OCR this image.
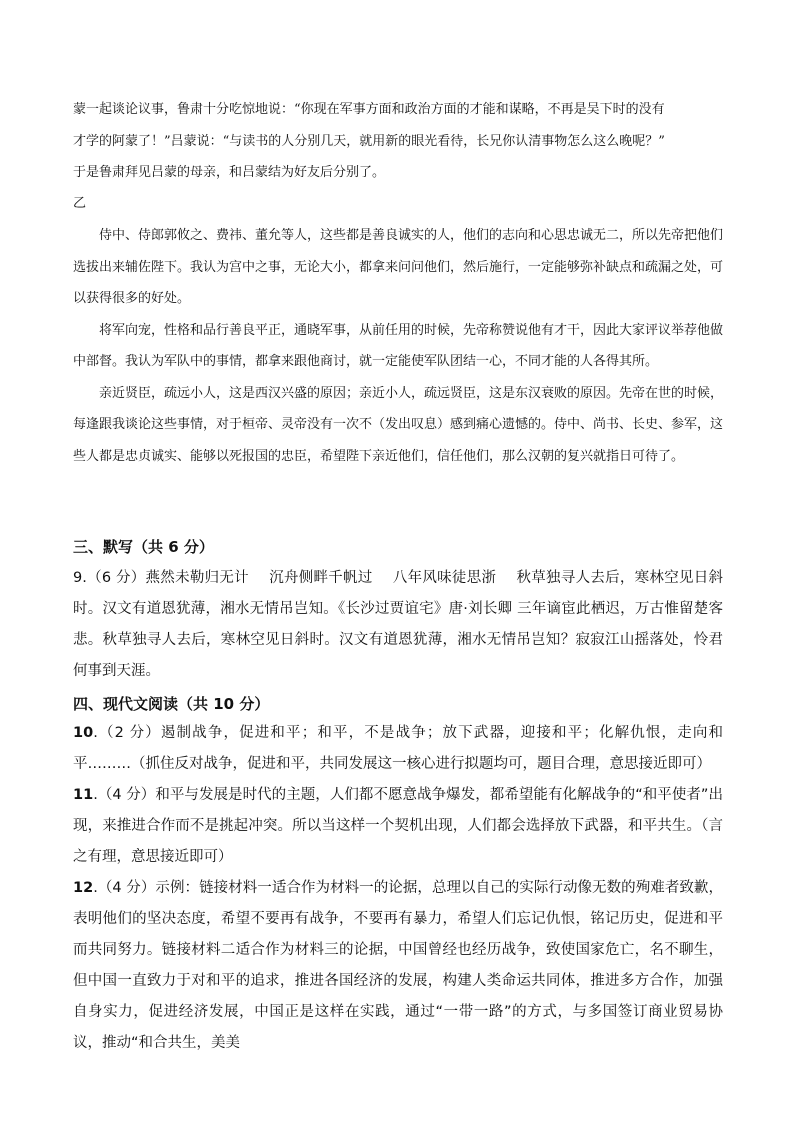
蒙一起谈论议事，鲁肃十分吃惊地说：“你现在军事方面和政治方面的才能和谋略，不再是吴下时的没有

才学的阿蒙了！”吕蒙说：“与读书的人分别几天，就用新的眼光看待，长兄你认清事物怎么这么晚呢？”

于是鲁肃拜见吕蒙的母亲，和吕蒙结为好友后分别了。

乙

侍中、侍郎郭攸之、费祎、董允等人，这些都是善良诚实的人，他们的志向和心思忠诚无二，所以先帝把他们选拔出来辅佐陛下。我认为宫中之事，无论大小，都拿来问问他们，然后施行，一定能够弥补缺点和疏漏之处，可以获得很多的好处。

将军向宠，性格和品行善良平正，通晓军事，从前任用的时候，先帝称赞说他有才干，因此大家评议举荐他做中部督。我认为军队中的事情，都拿来跟他商讨，就一定能使军队团结一心，不同才能的人各得其所。

亲近贤臣，疏远小人，这是西汉兴盛的原因；亲近小人，疏远贤臣，这是东汉衰败的原因。先帝在世的时候，每逢跟我谈论这些事情，对于桓帝、灵帝没有一次不（发出叹息）感到痛心遗憾的。侍中、尚书、长史、参军，这些人都是忠贞诚实、能够以死报国的忠臣，希望陛下亲近他们，信任他们，那么汉朝的复兴就指日可待了。

三、默写（共 6 分）

9.（6 分）燕然未勒归无计 沉舟侧畔千帆过 八年风味徒思浙 秋草独寻人去后，寒林空见日斜时。汉文有道恩犹薄，湘水无情吊岂知。《长沙过贾谊宅》唐·刘长卿 三年谪宦此栖迟，万古惟留楚客悲。秋草独寻人去后，寒林空见日斜时。汉文有道恩犹薄，湘水无情吊岂知？寂寂江山摇落处，怜君何事到天涯。

四、现代文阅读（共 10 分）

10.（2 分）遏制战争，促进和平；和平，不是战争；放下武器，迎接和平；化解仇恨，走向和平………（抓住反对战争，促进和平，共同发展这一核心进行拟题均可，题目合理，意思接近即可）

11.（4 分）和平与发展是时代的主题，人们都不愿意战争爆发，都希望能有化解战争的“和平使者”出现，来推进合作而不是挑起冲突。所以当这样一个契机出现，人们都会选择放下武器，和平共生。（言之有理，意思接近即可）

12.（4 分）示例：链接材料一适合作为材料一的论据，总理以自己的实际行动像无数的殉难者致歉，表明他们的坚决态度，希望不要再有战争，不要再有暴力，希望人们忘记仇恨，铭记历史，促进和平而共同努力。链接材料二适合作为材料三的论据，中国曾经也经历战争，致使国家危亡，名不聊生，但中国一直致力于对和平的追求，推进各国经济的发展，构建人类命运共同体，推进多方合作，加强自身实力，促进经济发展，中国正是这样在实践，通过“一带一路”的方式，与多国签订商业贸易协议，推动“和合共生，美美
